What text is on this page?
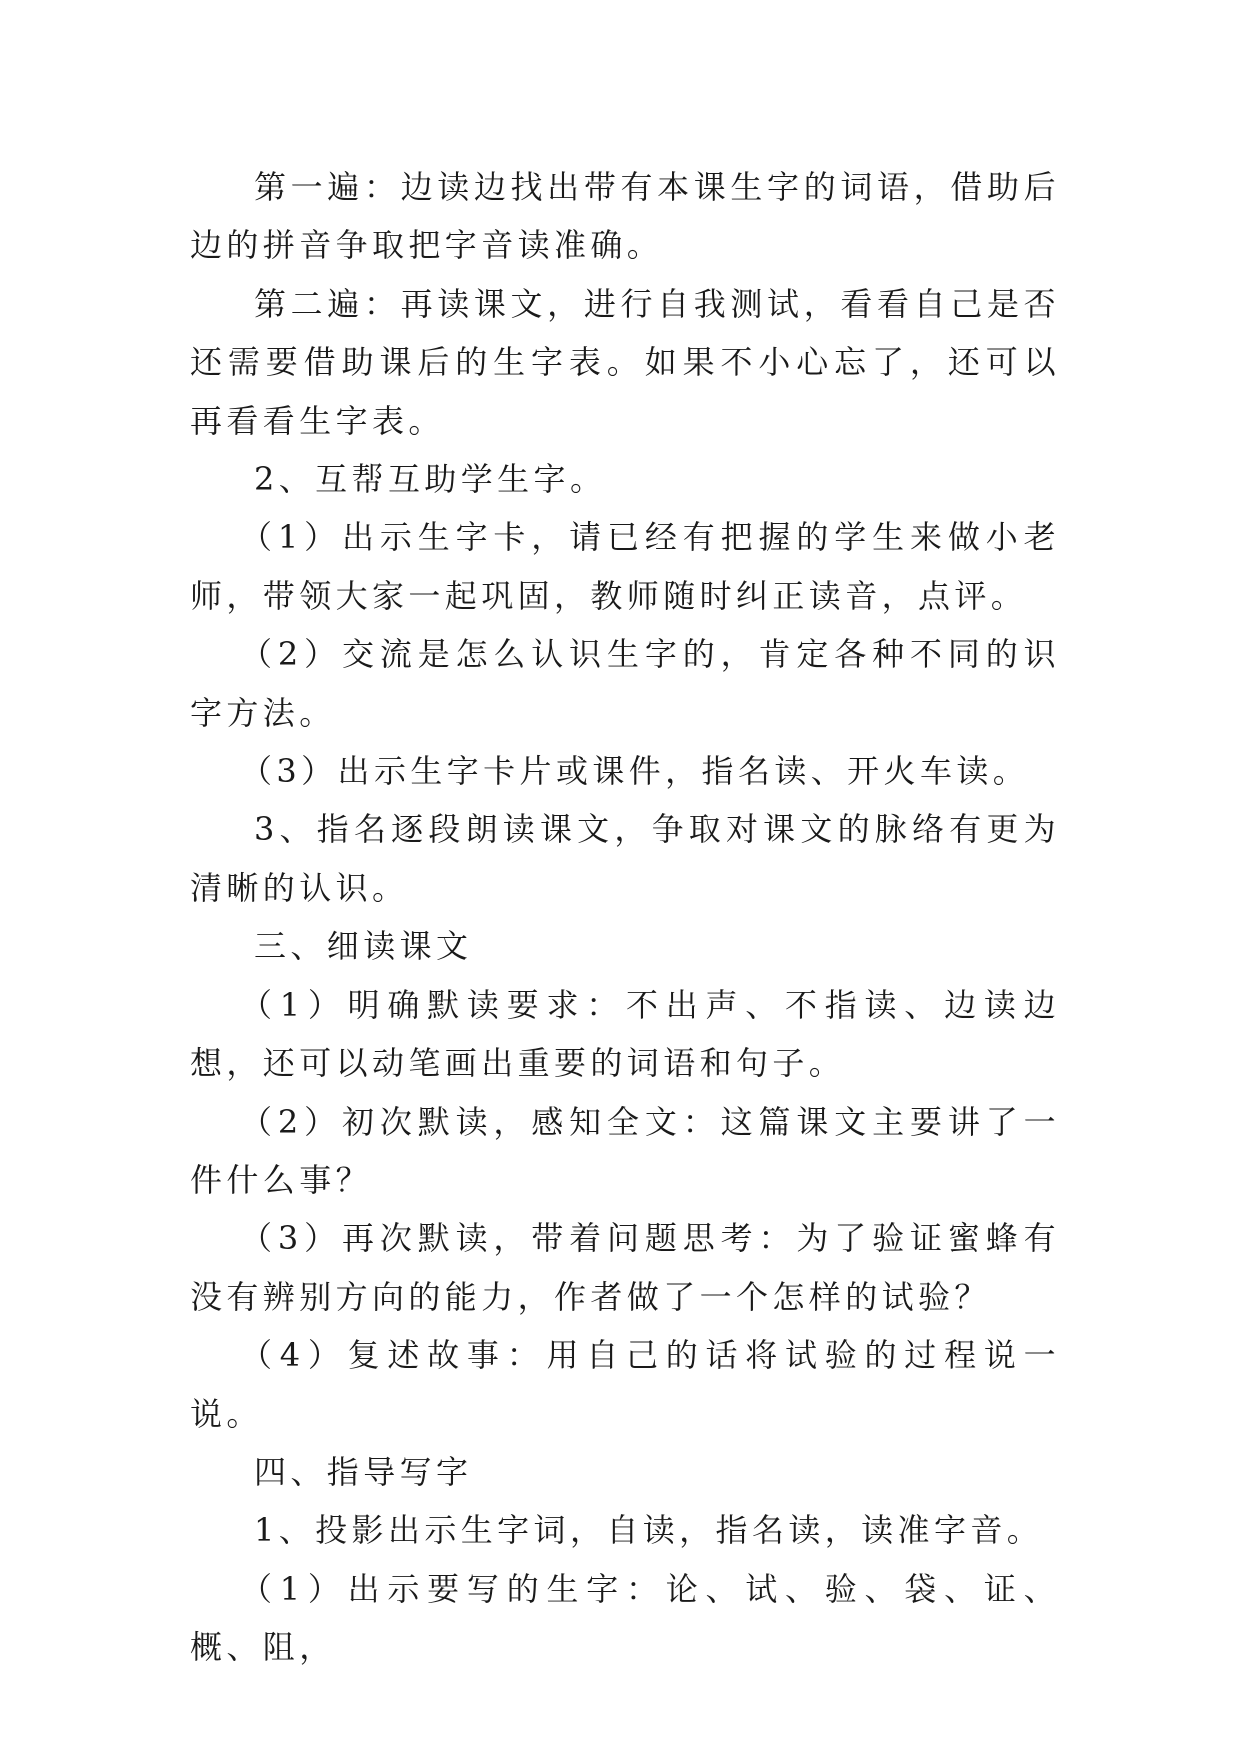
第一遍：边读边找出带有本课生字的词语，借助后边的拼音争取把字音读准确。

第二遍：再读课文，进行自我测试，看看自己是否还需要借助课后的生字表。如果不小心忘了，还可以再看看生字表。

2、互帮互助学生字。

（1）出示生字卡，请已经有把握的学生来做小老师，带领大家一起巩固，教师随时纠正读音，点评。

（2）交流是怎么认识生字的，肯定各种不同的识字方法。

（3）出示生字卡片或课件，指名读、开火车读。

3、指名逐段朗读课文，争取对课文的脉络有更为清晰的认识。

三、细读课文

（1）明确默读要求：不出声、不指读、边读边想，还可以动笔画出重要的词语和句子。

（2）初次默读，感知全文：这篇课文主要讲了一件什么事？

（3）再次默读，带着问题思考：为了验证蜜蜂有没有辨别方向的能力，作者做了一个怎样的试验？

（4）复述故事：用自己的话将试验的过程说一说。

四、指导写字

1、投影出示生字词，自读，指名读，读准字音。

（1）出示要写的生字：论、试、验、袋、证、概、阻，
